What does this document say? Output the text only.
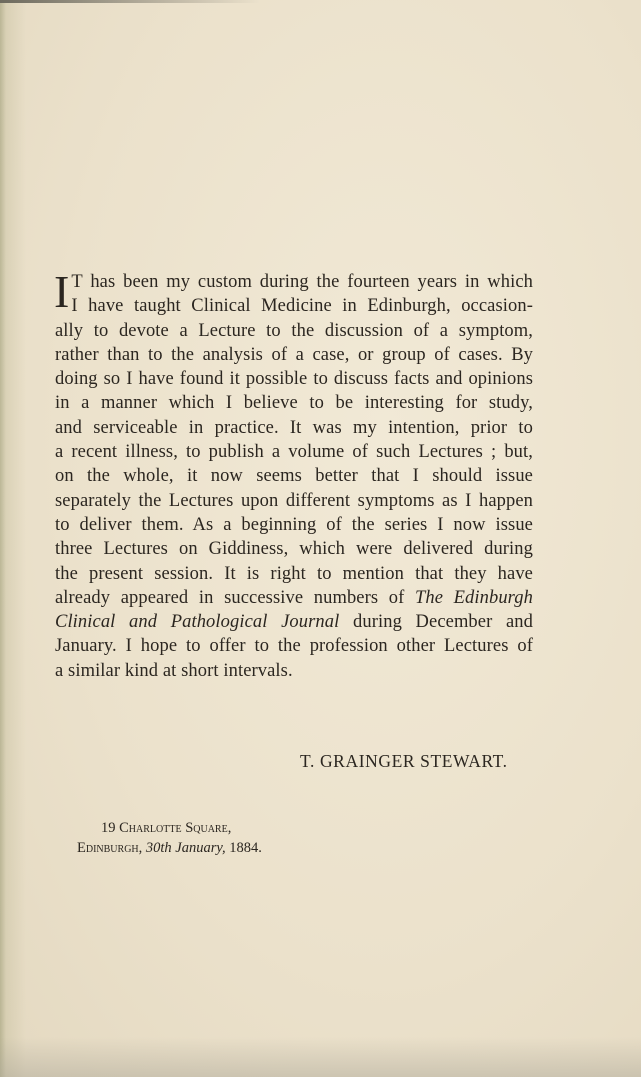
I T has been my custom during the fourteen years in which
I have taught Clinical Medicine in Edinburgh, occasion-
ally to devote a Lecture to the discussion of a symptom,
rather than to the analysis of a case, or group of cases. By
doing so I have found it possible to discuss facts and opinions
in a manner which I believe to be interesting for study,
and serviceable in practice. It was my intention, prior to
a recent illness, to publish a volume of such Lectures ; but,
on the whole, it now seems better that I should issue
separately the Lectures upon different symptoms as I happen
to deliver them. As a beginning of the series I now issue
three Lectures on Giddiness, which were delivered during
the present session. It is right to mention that they have
already appeared in successive numbers of The Edinburgh
Clinical and Pathological Journal during December and
January. I hope to offer to the profession other Lectures of
a similar kind at short intervals.
T. GRAINGER STEWART.
19 Charlotte Square,
Edinburgh, 30th January, 1884.
